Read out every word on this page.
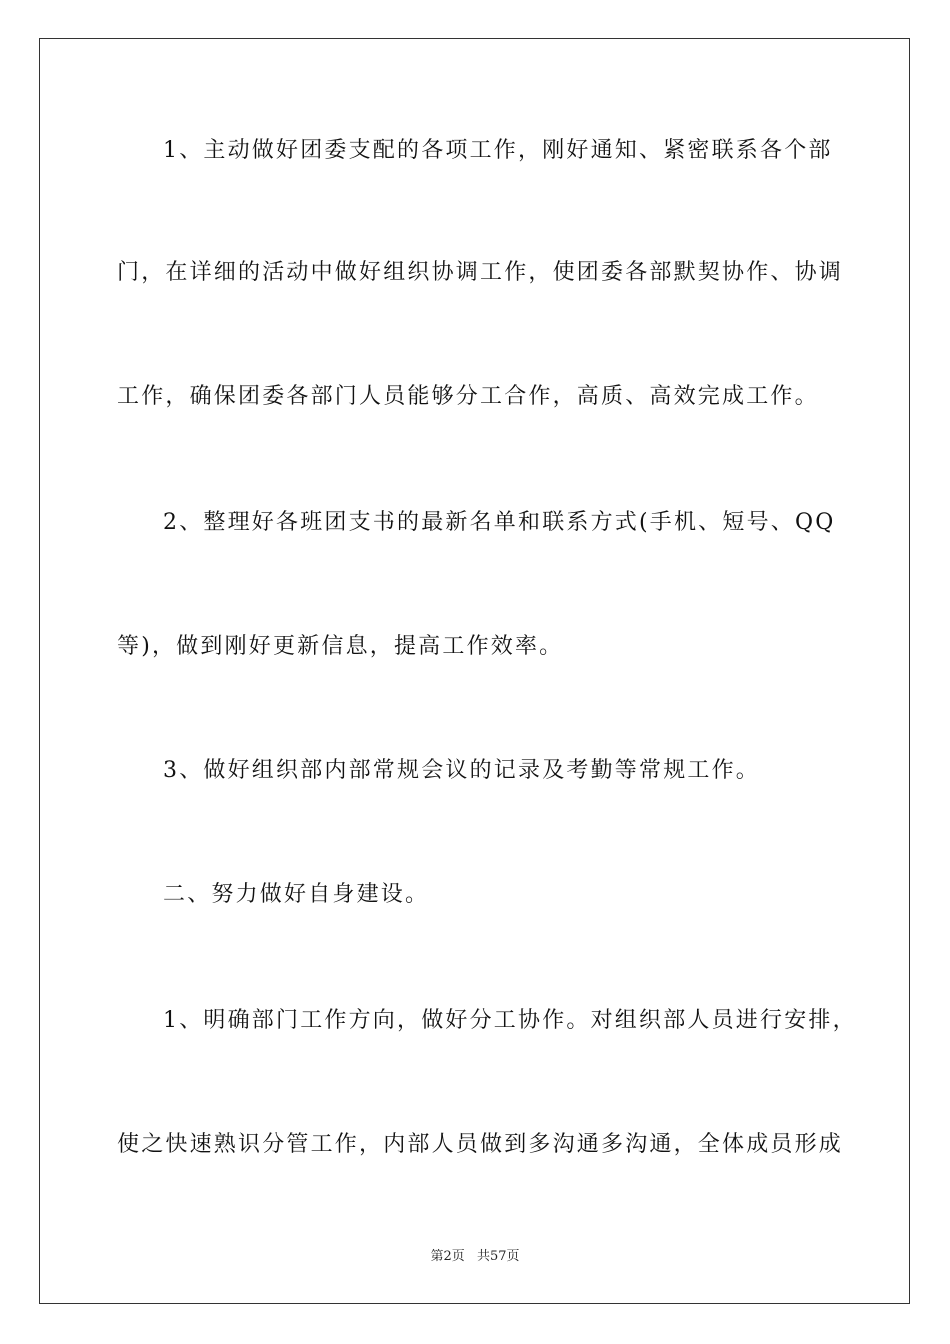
1、主动做好团委支配的各项工作，刚好通知、紧密联系各个部
门，在详细的活动中做好组织协调工作，使团委各部默契协作、协调
工作，确保团委各部门人员能够分工合作，高质、高效完成工作。
2、整理好各班团支书的最新名单和联系方式(手机、短号、QQ
等)，做到刚好更新信息，提高工作效率。
3、做好组织部内部常规会议的记录及考勤等常规工作。
二、努力做好自身建设。
1、明确部门工作方向，做好分工协作。对组织部人员进行安排，
使之快速熟识分管工作，内部人员做到多沟通多沟通，全体成员形成
第2页 共57页
